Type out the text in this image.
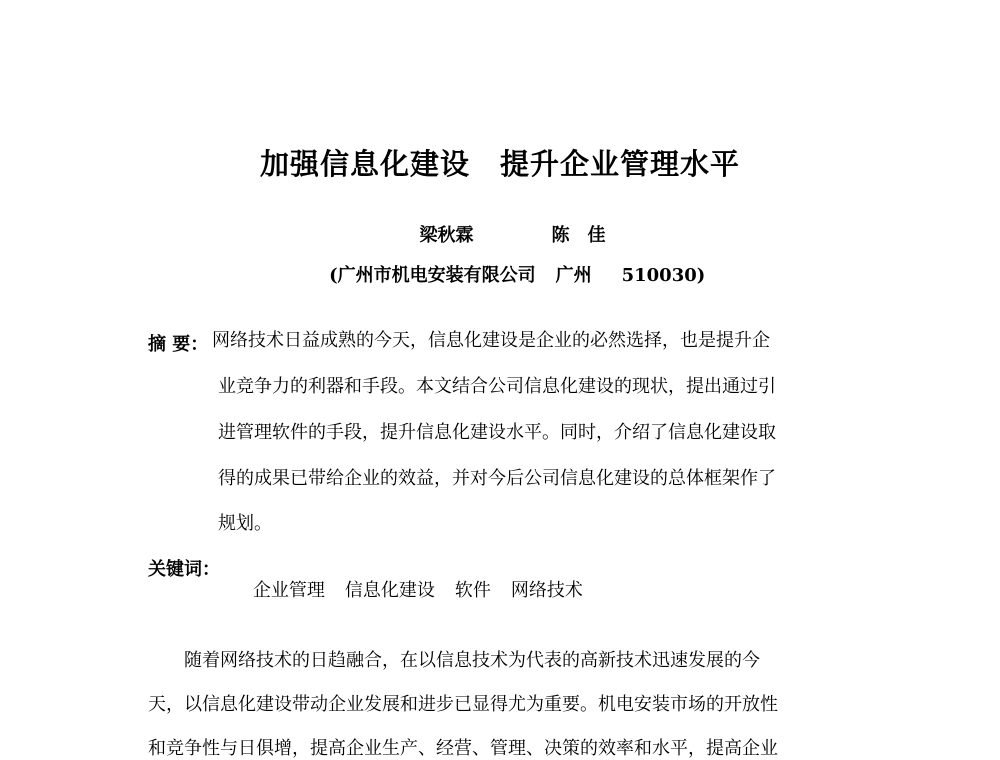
加强信息化建设　提升企业管理水平

梁秋霖	陈　佳

(广州市机电安装有限公司 广州 510030)

摘 要： 网络技术日益成熟的今天，信息化建设是企业的必然选择，也是提升企
业竞争力的利器和手段。本文结合公司信息化建设的现状，提出通过引
进管理软件的手段，提升信息化建设水平。同时，介绍了信息化建设取
得的成果已带给企业的效益，并对今后公司信息化建设的总体框架作了
规划。
关键词：

企业管理 信息化建设 软件 网络技术

随着网络技术的日趋融合，在以信息技术为代表的高新技术迅速发展的今
天，以信息化建设带动企业发展和进步已显得尤为重要。机电安装市场的开放性
和竞争性与日俱增，提高企业生产、经营、管理、决策的效率和水平，提高企业
